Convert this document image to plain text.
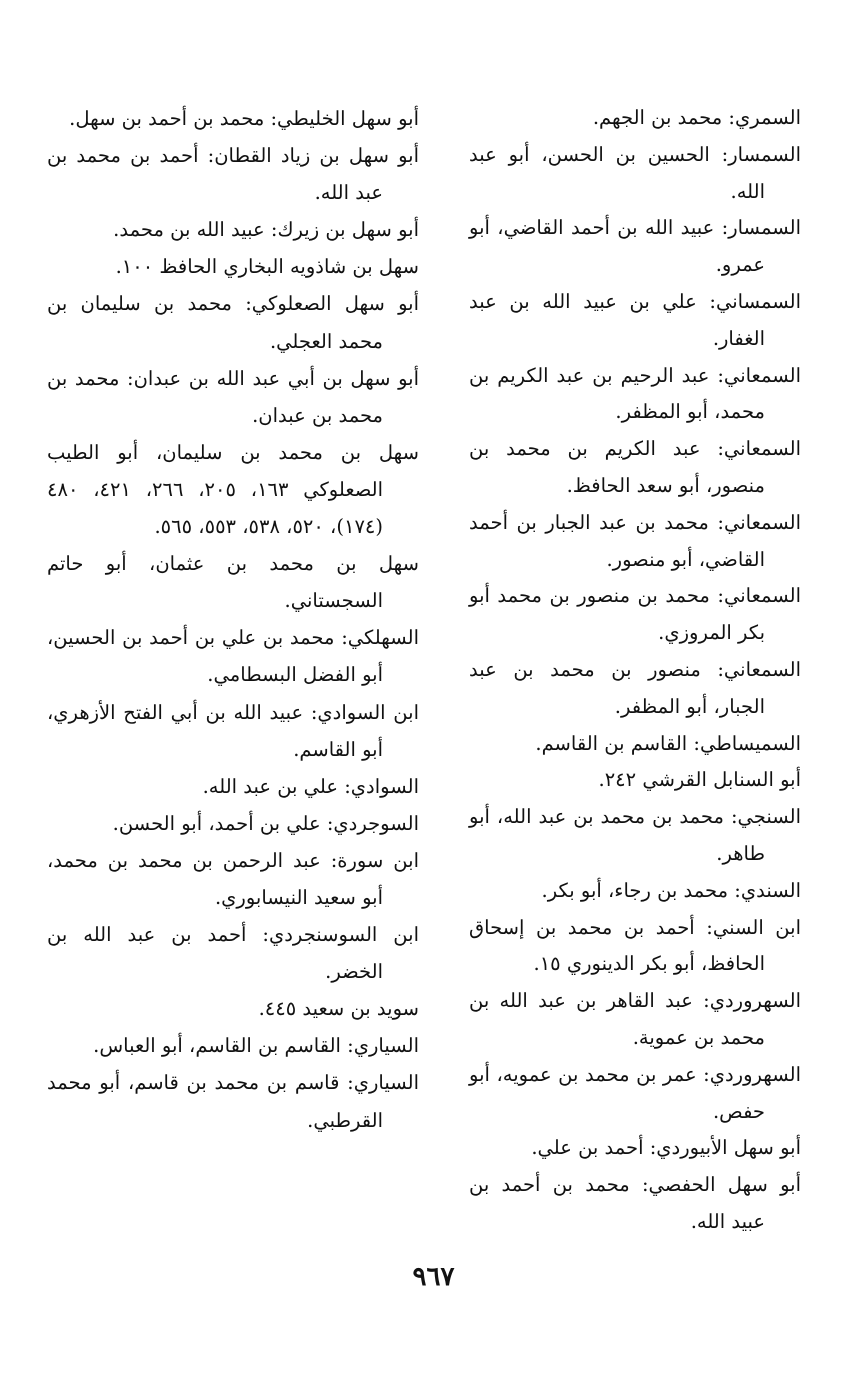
السمري: محمد بن الجهم.
السمسار: الحسين بن الحسن، أبو عبد الله.
السمسار: عبيد الله بن أحمد القاضي، أبو عمرو.
السمساني: علي بن عبيد الله بن عبد الغفار.
السمعاني: عبد الرحيم بن عبد الكريم بن محمد، أبو المظفر.
السمعاني: عبد الكريم بن محمد بن منصور، أبو سعد الحافظ.
السمعاني: محمد بن عبد الجبار بن أحمد القاضي، أبو منصور.
السمعاني: محمد بن منصور بن محمد أبو بكر المروزي.
السمعاني: منصور بن محمد بن عبد الجبار، أبو المظفر.
السميساطي: القاسم بن القاسم.
أبو السنابل القرشي ٢٤٢.
السنجي: محمد بن محمد بن عبد الله، أبو طاهر.
السندي: محمد بن رجاء، أبو بكر.
ابن السني: أحمد بن محمد بن إسحاق الحافظ، أبو بكر الدينوري ١٥.
السهروردي: عبد القاهر بن عبد الله بن محمد بن عموية.
السهروردي: عمر بن محمد بن عمويه، أبو حفص.
أبو سهل الأبيوردي: أحمد بن علي.
أبو سهل الحفصي: محمد بن أحمد بن عبيد الله.
أبو سهل الخليطي: محمد بن أحمد بن سهل.
أبو سهل بن زياد القطان: أحمد بن محمد بن عبد الله.
أبو سهل بن زيرك: عبيد الله بن محمد.
سهل بن شاذويه البخاري الحافظ ١٠٠.
أبو سهل الصعلوكي: محمد بن سليمان بن محمد العجلي.
أبو سهل بن أبي عبد الله بن عبدان: محمد بن محمد بن عبدان.
سهل بن محمد بن سليمان، أبو الطيب الصعلوكي ١٦٣، ٢٠٥، ٢٦٦، ٤٢١، ٤٨٠ (١٧٤)، ٥٢٠، ٥٣٨، ٥٥٣، ٥٦٥.
سهل بن محمد بن عثمان، أبو حاتم السجستاني.
السهلكي: محمد بن علي بن أحمد بن الحسين، أبو الفضل البسطامي.
ابن السوادي: عبيد الله بن أبي الفتح الأزهري، أبو القاسم.
السوادي: علي بن عبد الله.
السوجردي: علي بن أحمد، أبو الحسن.
ابن سورة: عبد الرحمن بن محمد بن محمد، أبو سعيد النيسابوري.
ابن السوسنجردي: أحمد بن عبد الله بن الخضر.
سويد بن سعيد ٤٤٥.
السياري: القاسم بن القاسم، أبو العباس.
السياري: قاسم بن محمد بن قاسم، أبو محمد القرطبي.
٩٦٧
